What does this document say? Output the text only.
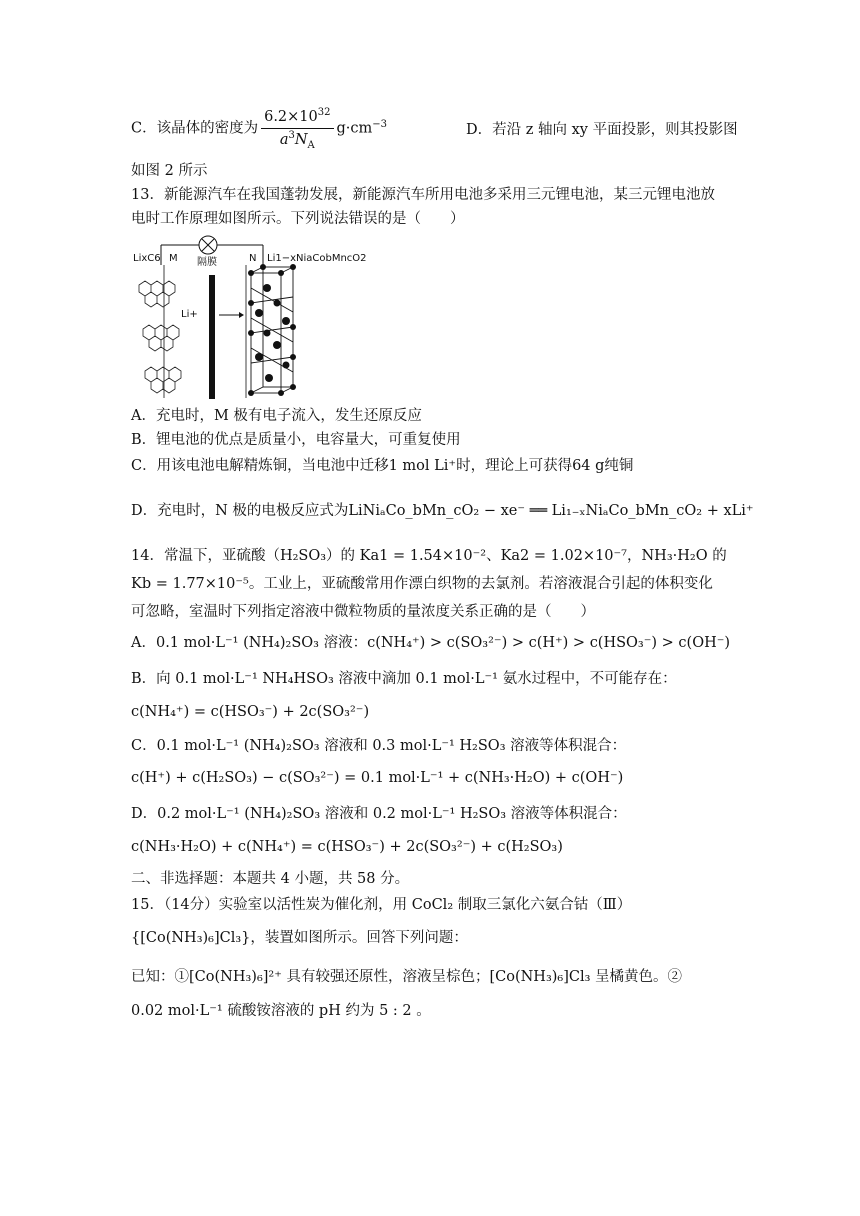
C．该晶体的密度为 $\frac{6.2\times 10^{32}}{a^3N_A} g\cdot cm^{-3}$	D．若沿 z 轴向 xy 平面投影，则其投影图
如图 2 所示
13．新能源汽车在我国蓬勃发展，新能源汽车所用电池多采用三元锂电池，某三元锂电池放
电时工作原理如图所示。下列说法错误的是（　　）
LixC6 M 隔膜	N Li1−xNiaCobMncO2
Li+
A．充电时，M 极有电子流入，发生还原反应
B．锂电池的优点是质量小，电容量大，可重复使用
C．用该电池电解精炼铜，当电池中迁移1 mol Li⁺时，理论上可获得64 g纯铜
D．充电时，N 极的电极反应式为LiNiₐCo_bMn_cO₂ − xe⁻ ══ Li₁₋ₓNiₐCo_bMn_cO₂ + xLi⁺
14．常温下，亚硫酸（H₂SO₃）的 Ka1 = 1.54×10⁻²、Ka2 = 1.02×10⁻⁷，NH₃·H₂O 的
Kb = 1.77×10⁻⁵。工业上，亚硫酸常用作漂白织物的去氯剂。若溶液混合引起的体积变化
可忽略，室温时下列指定溶液中微粒物质的量浓度关系正确的是（　　）
A．0.1 mol·L⁻¹ (NH₄)₂SO₃ 溶液：c(NH₄⁺) > c(SO₃²⁻) > c(H⁺) > c(HSO₃⁻) > c(OH⁻)
B．向 0.1 mol·L⁻¹ NH₄HSO₃ 溶液中滴加 0.1 mol·L⁻¹ 氨水过程中，不可能存在：
c(NH₄⁺) = c(HSO₃⁻) + 2c(SO₃²⁻)
C．0.1 mol·L⁻¹ (NH₄)₂SO₃ 溶液和 0.3 mol·L⁻¹ H₂SO₃ 溶液等体积混合：
c(H⁺) + c(H₂SO₃) − c(SO₃²⁻) = 0.1 mol·L⁻¹ + c(NH₃·H₂O) + c(OH⁻)
D．0.2 mol·L⁻¹ (NH₄)₂SO₃ 溶液和 0.2 mol·L⁻¹ H₂SO₃ 溶液等体积混合：
c(NH₃·H₂O) + c(NH₄⁺) = c(HSO₃⁻) + 2c(SO₃²⁻) + c(H₂SO₃)
二、非选择题：本题共 4 小题，共 58 分。
15．（14分）实验室以活性炭为催化剂，用 CoCl₂ 制取三氯化六氨合钴（Ⅲ）
{[Co(NH₃)₆]Cl₃}，装置如图所示。回答下列问题：
已知：①[Co(NH₃)₆]²⁺ 具有较强还原性，溶液呈棕色；[Co(NH₃)₆]Cl₃ 呈橘黄色。②
0.02 mol·L⁻¹ 硫酸铵溶液的 pH 约为 5 : 2 。
